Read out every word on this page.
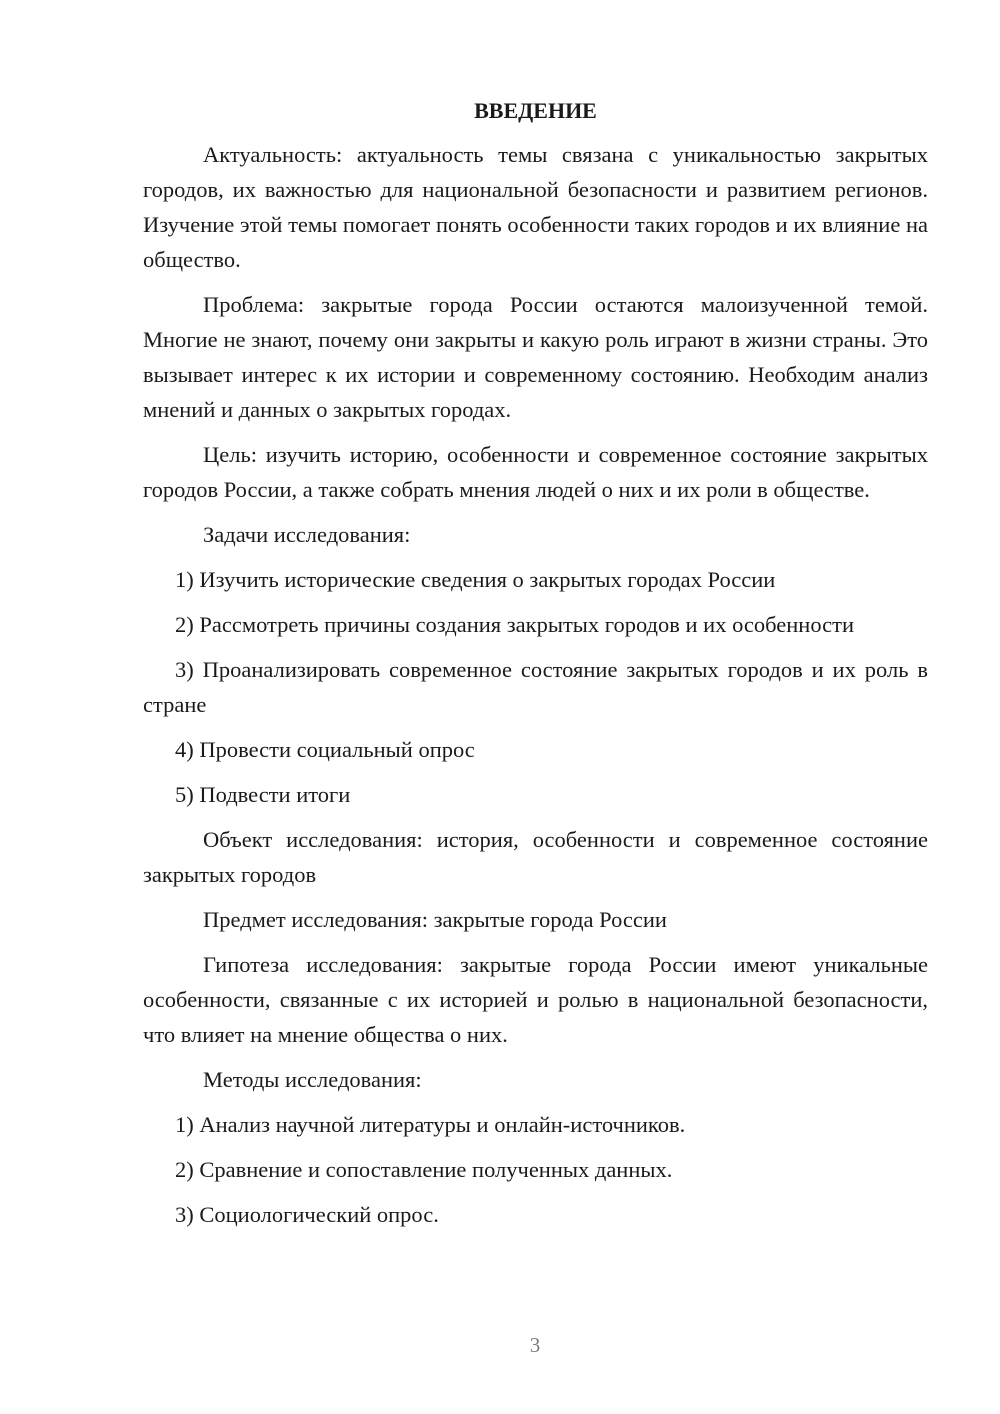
ВВЕДЕНИЕ

Актуальность: актуальность темы связана с уникальностью закрытых городов, их важностью для национальной безопасности и развитием регионов. Изучение этой темы помогает понять особенности таких городов и их влияние на общество.

Проблема: закрытые города России остаются малоизученной темой. Многие не знают, почему они закрыты и какую роль играют в жизни страны. Это вызывает интерес к их истории и современному состоянию. Необходим анализ мнений и данных о закрытых городах.

Цель: изучить историю, особенности и современное состояние закрытых городов России, а также собрать мнения людей о них и их роли в обществе.

Задачи исследования:

1) Изучить исторические сведения о закрытых городах России

2) Рассмотреть причины создания закрытых городов и их особенности

3) Проанализировать современное состояние закрытых городов и их роль в стране

4) Провести социальный опрос

5) Подвести итоги

Объект исследования: история, особенности и современное состояние закрытых городов

Предмет исследования: закрытые города России

Гипотеза исследования: закрытые города России имеют уникальные особенности, связанные с их историей и ролью в национальной безопасности, что влияет на мнение общества о них.

Методы исследования:

1) Анализ научной литературы и онлайн-источников.

2) Сравнение и сопоставление полученных данных.

3) Социологический опрос.

3
